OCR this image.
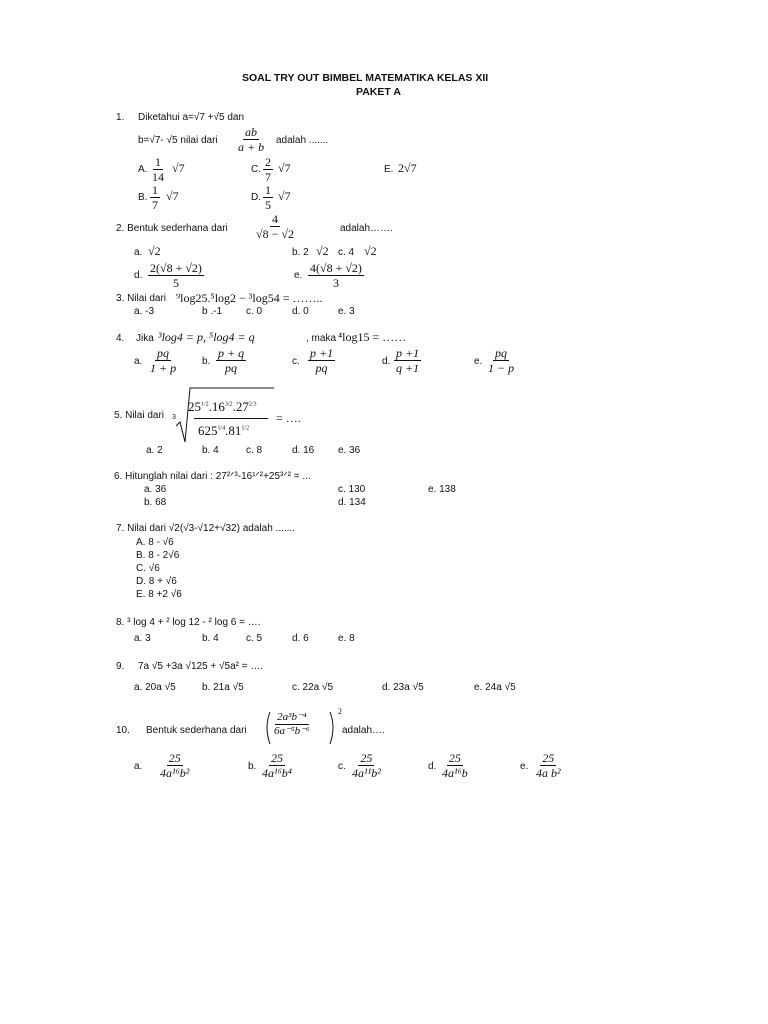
SOAL TRY OUT BIMBEL MATEMATIKA KELAS XII
PAKET A
1. Diketahui a=√7 +√5 dan
b=√7- √5 nilai dari $\frac{ab}{a + b}$ adalah .......
A. $\frac{1}{14} √7$	C. $\frac{2}{7} √7$	E. 2√7
B. $\frac{1}{7} √7$	D. $\frac{1}{5} √7$
2. Bentuk sederhana dari $\frac{4}{√8 - √2}$	adalah…….
a. √2	b. 2 √2 c. 4 √2
d. $\frac{2(√8 + √2)}{5}$	e. $\frac{4(√8 + √2)}{3}$
3. Nilai dari ⁹log25.⁵log2 − ³log54 = ……..
a. -3	b .-1 c. 0	d. 0	e. 3
4. Jika ³log4 = p, ⁵log4 = q	, maka ⁴log15 = ……
a. $\frac{pq}{1 + p} b$. $\frac{p + q}{pq}$	c. $\frac{p +1}{pq}$	d. $\frac{p +1}{q +1}$	e. $\frac{pq}{1 - p}$
5. Nilai dari 3
$25^{1/2}.16^{3/2}.27^{2/3}$
$625^{1/4}.81^{1/2}$
= ….
a. 2	b. 4	c. 8	d. 16 e. 36
6. Hitunglah nilai dari : 27²ᐟ³-16¹ᐟ²+25³ᐟ² = ...
a. 36	c. 130	e. 138
b. 68	d. 134
7. Nilai dari √2(√3-√12+√32) adalah .......
A. 8 - √6
B. 8 - 2√6
C. √6
D. 8 + √6
E. 8 +2 √6
8. ³ log 4 + ² log 12 - ² log 6 = ….
a. 3	b. 4	c. 5	d. 6	e. 8
9. 7a √5 +3a √125 + √5a² = ….
a. 20a √5	b. 21a √5	c. 22a √5	d. 23a √5	e. 24a √5
10. Bentuk sederhana dari $\frac{\text{2a³b⁻⁴}}{\text{6a⁻⁵b⁻⁶}}$
2
adalah….
a. $\frac{25}{\text{4a¹⁶b²}}$	b. $\frac{25}{\text{4a¹⁶b⁴}}$	c. $\frac{25}{\text{4a¹¹b²}}$	d. $\frac{25}{\text{4a¹⁶b}}$	e. $\frac{25}{\text{4a b²}}$
